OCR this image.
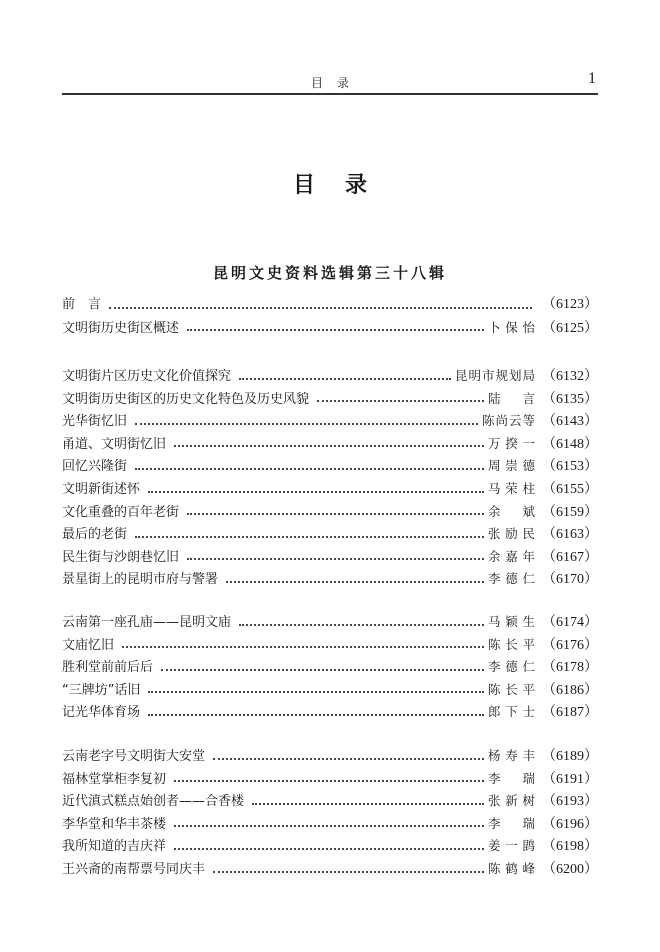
目录	1
目录
昆明文史资料选辑第三十八辑
前　言	（6123）
文明街历史街区概述	卜保怡 （6125）
文明街片区历史文化价值探究	昆明市规划局 （6132）
文明街历史街区的历史文化特色及历史风貌	陆　言 （6135）
光华街忆旧	陈尚云等 （6143）
甬道、文明街忆旧	万揆一 （6148）
回忆兴隆街	周崇德 （6153）
文明新街述怀	马荣柱 （6155）
文化重叠的百年老街	余　斌 （6159）
最后的老街	张励民 （6163）
民生街与沙朗巷忆旧	余嘉年 （6167）
景星街上的昆明市府与警署	李德仁 （6170）
云南第一座孔庙——昆明文庙	马颖生 （6174）
文庙忆旧	陈长平 （6176）
胜利堂前前后后	李德仁 （6178）
“三牌坊”话旧	陈长平 （6186）
记光华体育场	郎下士 （6187）
云南老字号文明街大安堂	杨寿丰 （6189）
福林堂掌柜李复初	李　瑞 （6191）
近代滇式糕点始创者——合香楼	张新树 （6193）
李华堂和华丰茶楼	李　瑞 （6196）
我所知道的吉庆祥	姜一鹍 （6198）
王兴斋的南帮票号同庆丰	陈鹤峰 （6200）
